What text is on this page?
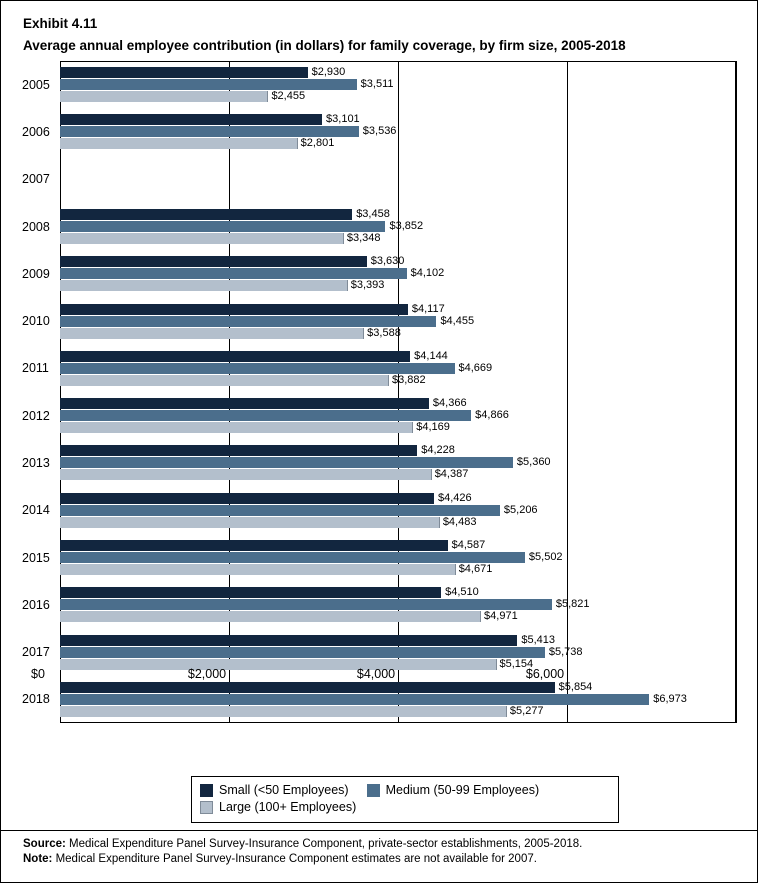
Exhibit 4.11
Average annual employee contribution (in dollars) for family coverage, by firm size, 2005-2018
$2,930
$3,511
$2,455
2005
$3,101
$3,536
$2,801
2006
2007
$3,458
$3,852
$3,348
2008
$3,630
$4,102
$3,393
2009
$4,117
$4,455
$3,588
2010
$4,144
$4,669
$3,882
2011
$4,366
$4,866
$4,169
2012
$4,228
$5,360
$4,387
2013
$4,426
$5,206
$4,483
2014
$4,587
$5,502
$4,671
2015
$4,510
$5,821
$4,971
2016
$5,413
$5,738
$5,154
2017
$5,854
$6,973
$5,277
2018
$0	$2,000	$4,000	$6,000
Small (<50 Employees)	Medium (50-99 Employees)
Large (100+ Employees)
Source: Medical Expenditure Panel Survey-Insurance Component, private-sector establishments, 2005-2018.
Note: Medical Expenditure Panel Survey-Insurance Component estimates are not available for 2007.
